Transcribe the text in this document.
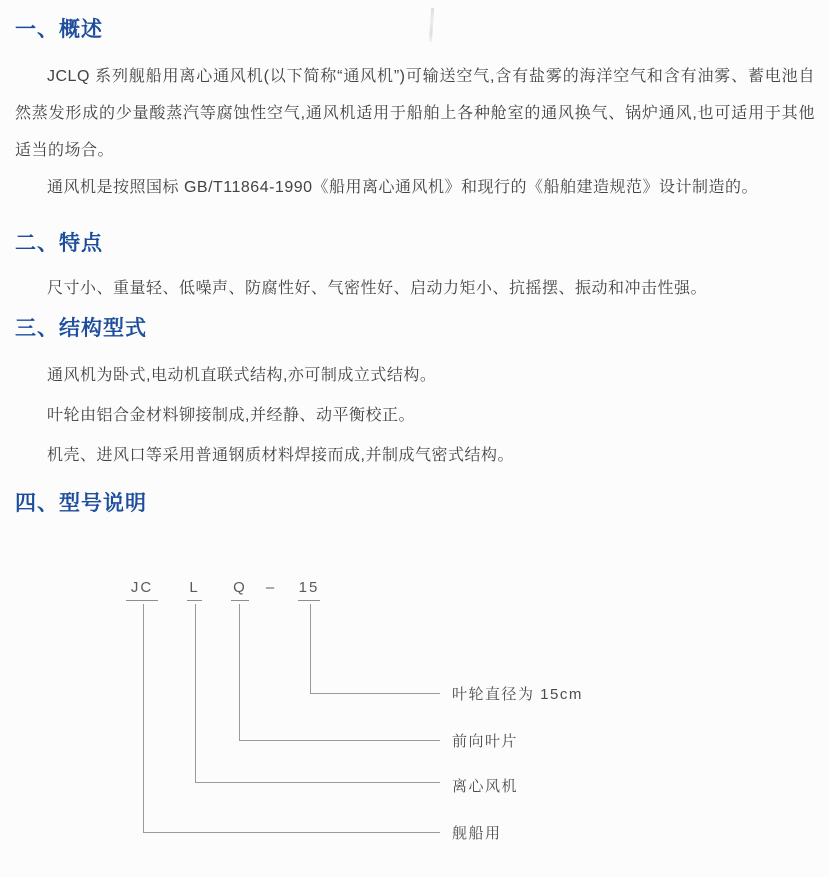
一、概述

JCLQ 系列舰船用离心通风机(以下简称“通风机”)可输送空气,含有盐雾的海洋空气和含有油雾、蓄电池自然蒸发形成的少量酸蒸汽等腐蚀性空气,通风机适用于船舶上各种舱室的通风换气、锅炉通风,也可适用于其他适当的场合。

通风机是按照国标 GB/T11864-1990《船用离心通风机》和现行的《船舶建造规范》设计制造的。

二、特点

尺寸小、重量轻、低噪声、防腐性好、气密性好、启动力矩小、抗摇摆、振动和冲击性强。

三、结构型式

通风机为卧式,电动机直联式结构,亦可制成立式结构。

叶轮由铝合金材料铆接制成,并经静、动平衡校正。

机壳、进风口等采用普通钢质材料焊接而成,并制成气密式结构。

四、型号说明
JC	L Q – 15
叶轮直径为 15cm
前向叶片
离心风机
舰船用
